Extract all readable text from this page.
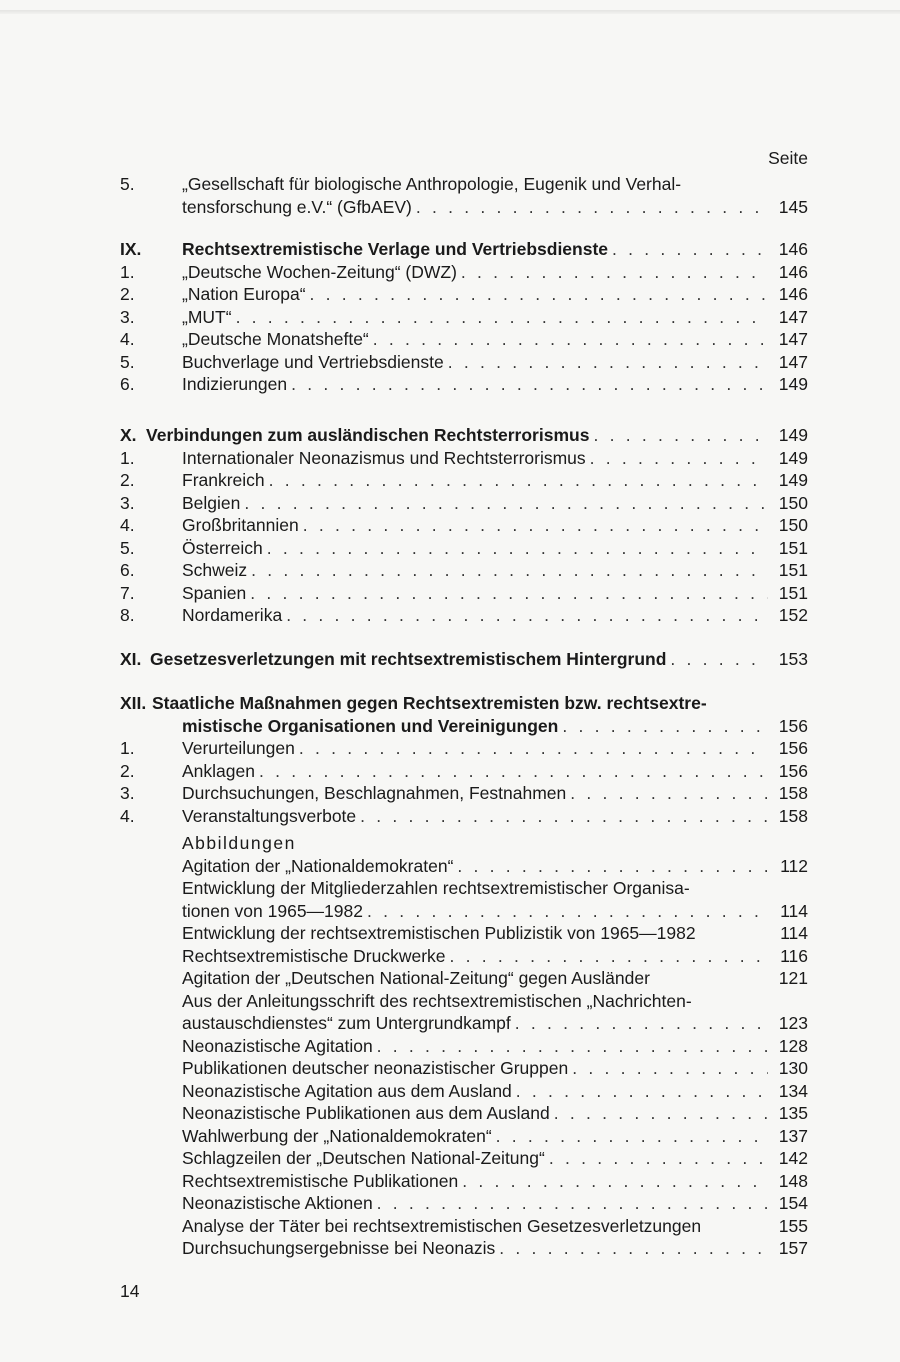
Seite
5.	„Gesellschaft für biologische Anthropologie, Eugenik und Verhal-
tensforschung e.V.“ (GfbAEV) . . .	145
IX.	Rechtsextremistische Verlage und Vertriebsdienste . . .	146
1.	„Deutsche Wochen-Zeitung“ (DWZ) . . .	146
2.	„Nation Europa“ . . .	146
3.	„MUT“ . . .	147
4.	„Deutsche Monatshefte“ . . .	147
5.	Buchverlage und Vertriebsdienste . . .	147
6.	Indizierungen . . .	149
X. Verbindungen zum ausländischen Rechtsterrorismus . . .	149
1.	Internationaler Neonazismus und Rechtsterrorismus . . .	149
2.	Frankreich . . .	149
3.	Belgien . . .	150
4.	Großbritannien . . .	150
5.	Österreich . . .	151
6.	Schweiz . . .	151
7.	Spanien . . .	151
8.	Nordamerika . . .	152
XI. Gesetzesverletzungen mit rechtsextremistischem Hintergrund . . .	153
XII. Staatliche Maßnahmen gegen Rechtsextremisten bzw. rechtsextre-
mistische Organisationen und Vereinigungen . . .	156
1.	Verurteilungen . . .	156
2.	Anklagen . . .	156
3.	Durchsuchungen, Beschlagnahmen, Festnahmen . . .	158
4.	Veranstaltungsverbote . . .	158
Abbildungen
Agitation der „Nationaldemokraten“ . . .	112
Entwicklung der Mitgliederzahlen rechtsextremistischer Organisa-
tionen von 1965—1982 . . .	114
Entwicklung der rechtsextremistischen Publizistik von 1965—1982	114
Rechtsextremistische Druckwerke . . .	116
Agitation der „Deutschen National-Zeitung“ gegen Ausländer	121
Aus der Anleitungsschrift des rechtsextremistischen „Nachrichten-
austauschdienstes“ zum Untergrundkampf . . .	123
Neonazistische Agitation . . .	128
Publikationen deutscher neonazistischer Gruppen . . .	130
Neonazistische Agitation aus dem Ausland . . .	134
Neonazistische Publikationen aus dem Ausland . . .	135
Wahlwerbung der „Nationaldemokraten“ . . .	137
Schlagzeilen der „Deutschen National-Zeitung“ . . .	142
Rechtsextremistische Publikationen . . .	148
Neonazistische Aktionen . . .	154
Analyse der Täter bei rechtsextremistischen Gesetzesverletzungen	155
Durchsuchungsergebnisse bei Neonazis . . .	157
14
